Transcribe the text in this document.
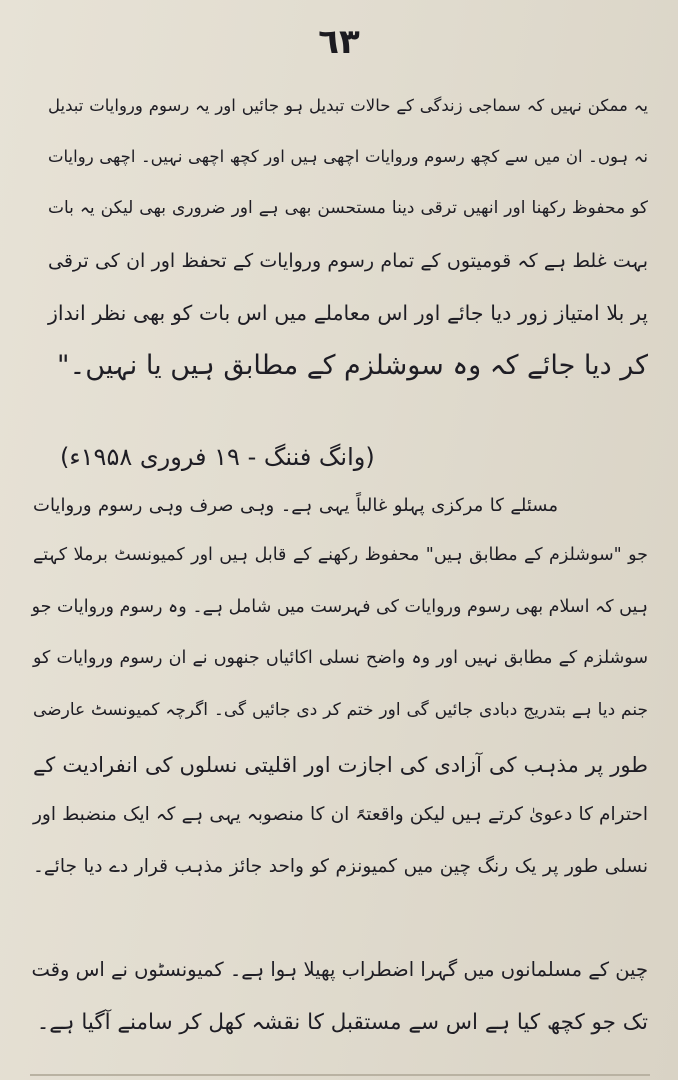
٦٣
یہ ممکن نہیں کہ سماجی زندگی کے حالات تبدیل ہو جائیں اور یہ رسوم وروایات تبدیل
نہ ہوں۔ ان میں سے کچھ رسوم وروایات اچھی ہیں اور کچھ اچھی نہیں۔ اچھی روایات
کو محفوظ رکھنا اور انھیں ترقی دینا مستحسن بھی ہے اور ضروری بھی لیکن یہ بات
بہت غلط ہے کہ قومیتوں کے تمام رسوم وروایات کے تحفظ اور ان کی ترقی
پر بلا امتیاز زور دیا جائے اور اس معاملے میں اس بات کو بھی نظر انداز
کر دیا جائے کہ وہ سوشلزم کے مطابق ہیں یا نہیں۔"
(وانگ فننگ - ۱۹ فروری ۱۹۵۸ء)
مسئلے کا مرکزی پہلو غالباً یہی ہے۔ وہی صرف وہی رسوم وروایات
جو "سوشلزم کے مطابق ہیں" محفوظ رکھنے کے قابل ہیں اور کمیونسٹ برملا کہتے
ہیں کہ اسلام بھی رسوم وروایات کی فہرست میں شامل ہے۔ وہ رسوم وروایات جو
سوشلزم کے مطابق نہیں اور وہ واضح نسلی اکائیاں جنھوں نے ان رسوم وروایات کو
جنم دیا ہے بتدریج دبادی جائیں گی اور ختم کر دی جائیں گی۔ اگرچہ کمیونسٹ عارضی
طور پر مذہب کی آزادی کی اجازت اور اقلیتی نسلوں کی انفرادیت کے
احترام کا دعویٰ کرتے ہیں لیکن واقعتہً ان کا منصوبہ یہی ہے کہ ایک منضبط اور
نسلی طور پر یک رنگ چین میں کمیونزم کو واحد جائز مذہب قرار دے دیا جائے۔
چین کے مسلمانوں میں گہرا اضطراب پھیلا ہوا ہے۔ کمیونسٹوں نے اس وقت
تک جو کچھ کیا ہے اس سے مستقبل کا نقشہ کھل کر سامنے آگیا ہے۔
